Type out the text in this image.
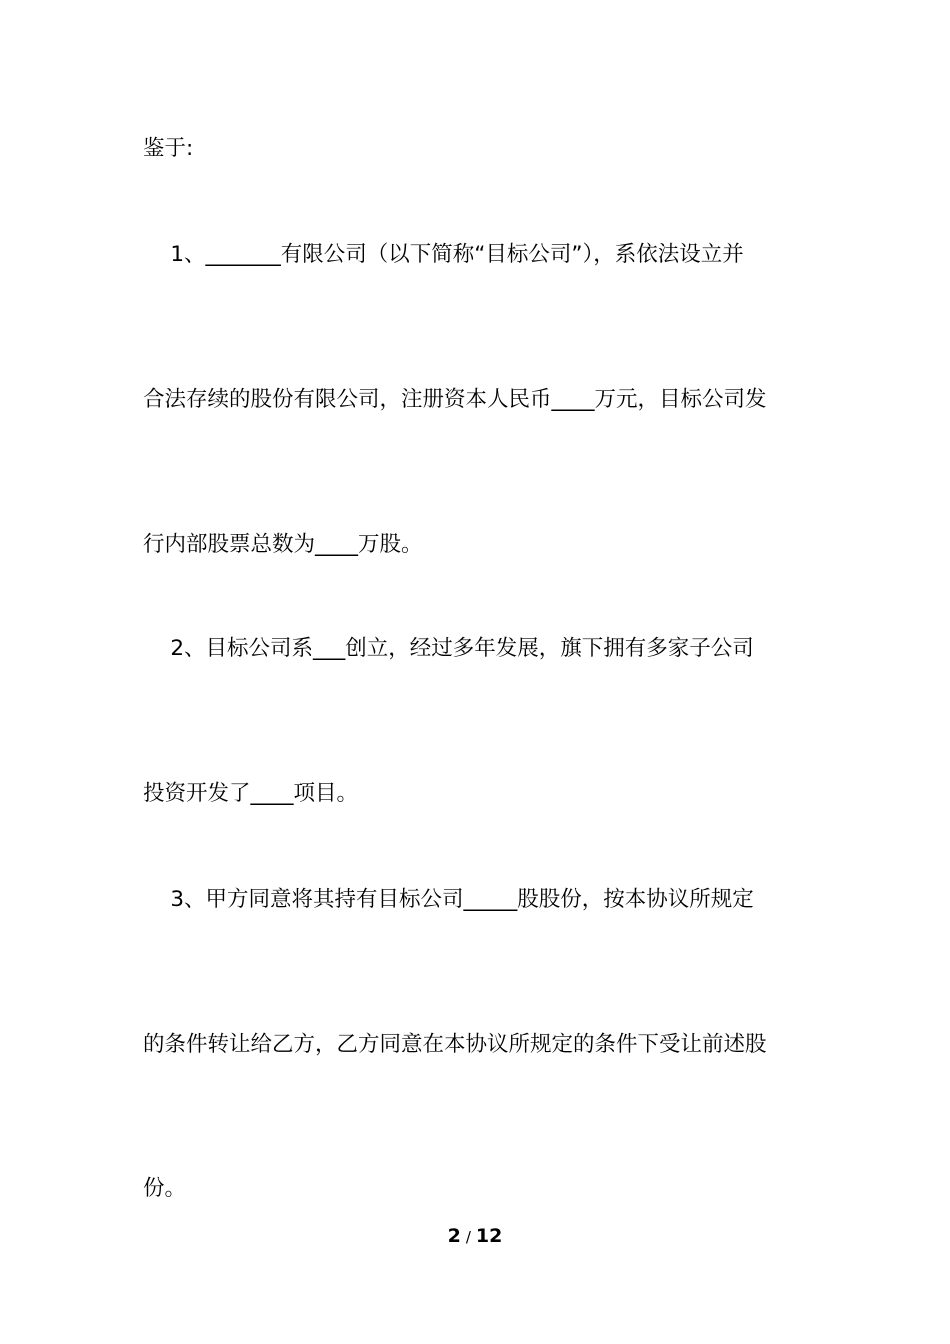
鉴于:
1、_______有限公司（以下简称“目标公司”），系依法设立并
合法存续的股份有限公司，注册资本人民币____万元，目标公司发
行内部股票总数为____万股。
2、目标公司系___创立，经过多年发展，旗下拥有多家子公司
投资开发了____项目。
3、甲方同意将其持有目标公司_____股股份，按本协议所规定
的条件转让给乙方，乙方同意在本协议所规定的条件下受让前述股
份。
2 / 12
